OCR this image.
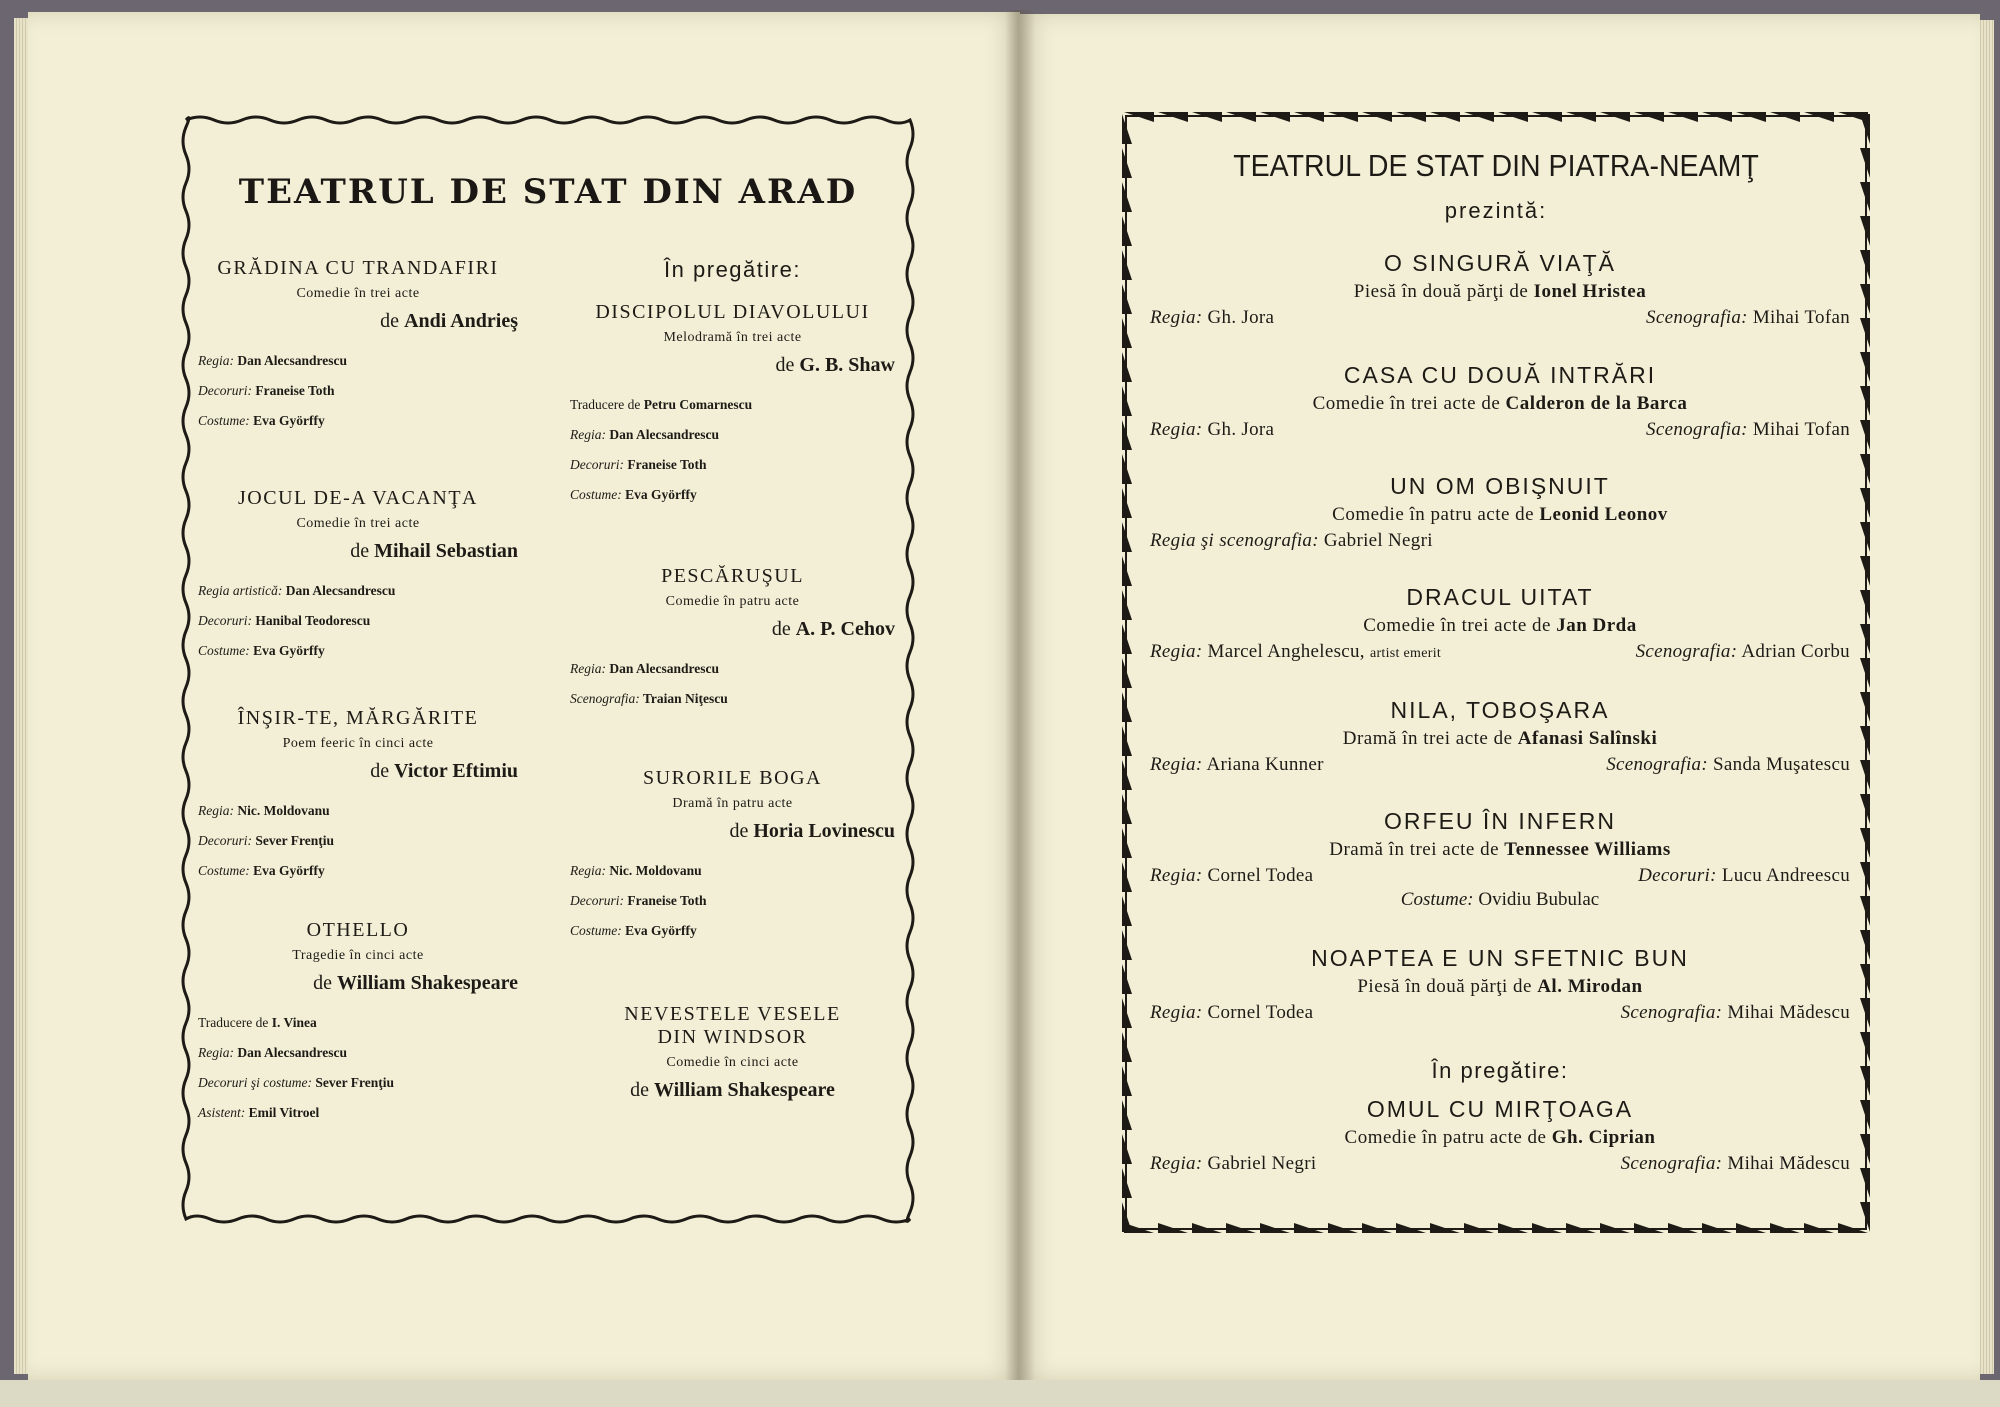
TEATRUL DE STAT DIN ARAD
GRĂDINA CU TRANDAFIRI
Comedie în trei acte
de Andi Andrieş
Regia: Dan Alecsandrescu
Decoruri: Franeise Toth
Costume: Eva Györffy
JOCUL DE-A VACANŢA
Comedie în trei acte
de Mihail Sebastian
Regia artistică: Dan Alecsandrescu
Decoruri: Hanibal Teodorescu
Costume: Eva Györffy
ÎNŞIR-TE, MĂRGĂRITE
Poem feeric în cinci acte
de Victor Eftimiu
Regia: Nic. Moldovanu
Decoruri: Sever Frenţiu
Costume: Eva Györffy
OTHELLO
Tragedie în cinci acte
de William Shakespeare
Traducere de I. Vinea
Regia: Dan Alecsandrescu
Decoruri şi costume: Sever Frenţiu
Asistent: Emil Vitroel
În pregătire:
DISCIPOLUL DIAVOLULUI
Melodramă în trei acte
de G. B. Shaw
Traducere de Petru Comarnescu
Regia: Dan Alecsandrescu
Decoruri: Franeise Toth
Costume: Eva Györffy
PESCĂRUŞUL
Comedie în patru acte
de A. P. Cehov
Regia: Dan Alecsandrescu
Scenografia: Traian Niţescu
SURORILE BOGA
Dramă în patru acte
de Horia Lovinescu
Regia: Nic. Moldovanu
Decoruri: Franeise Toth
Costume: Eva Györffy
NEVESTELE VESELE
DIN WINDSOR
Comedie în cinci acte
de William Shakespeare
TEATRUL DE STAT DIN PIATRA-NEAMŢ
prezintă:
O SINGURĂ VIAŢĂ
Piesă în două părţi de Ionel Hristea
Regia: Gh. Jora	Scenografia: Mihai Tofan
CASA CU DOUĂ INTRĂRI
Comedie în trei acte de Calderon de la Barca
Regia: Gh. Jora	Scenografia: Mihai Tofan
UN OM OBIŞNUIT
Comedie în patru acte de Leonid Leonov
Regia şi scenografia: Gabriel Negri
DRACUL UITAT
Comedie în trei acte de Jan Drda
Regia: Marcel Anghelescu, artist emerit	Scenografia: Adrian Corbu
NILA, TOBOŞARA
Dramă în trei acte de Afanasi Salînski
Regia: Ariana Kunner	Scenografia: Sanda Muşatescu
ORFEU ÎN INFERN
Dramă în trei acte de Tennessee Williams
Regia: Cornel Todea	Decoruri: Lucu Andreescu
Costume: Ovidiu Bubulac
NOAPTEA E UN SFETNIC BUN
Piesă în două părţi de Al. Mirodan
Regia: Cornel Todea	Scenografia: Mihai Mădescu
În pregătire:
OMUL CU MIRŢOAGA
Comedie în patru acte de Gh. Ciprian
Regia: Gabriel Negri	Scenografia: Mihai Mădescu
